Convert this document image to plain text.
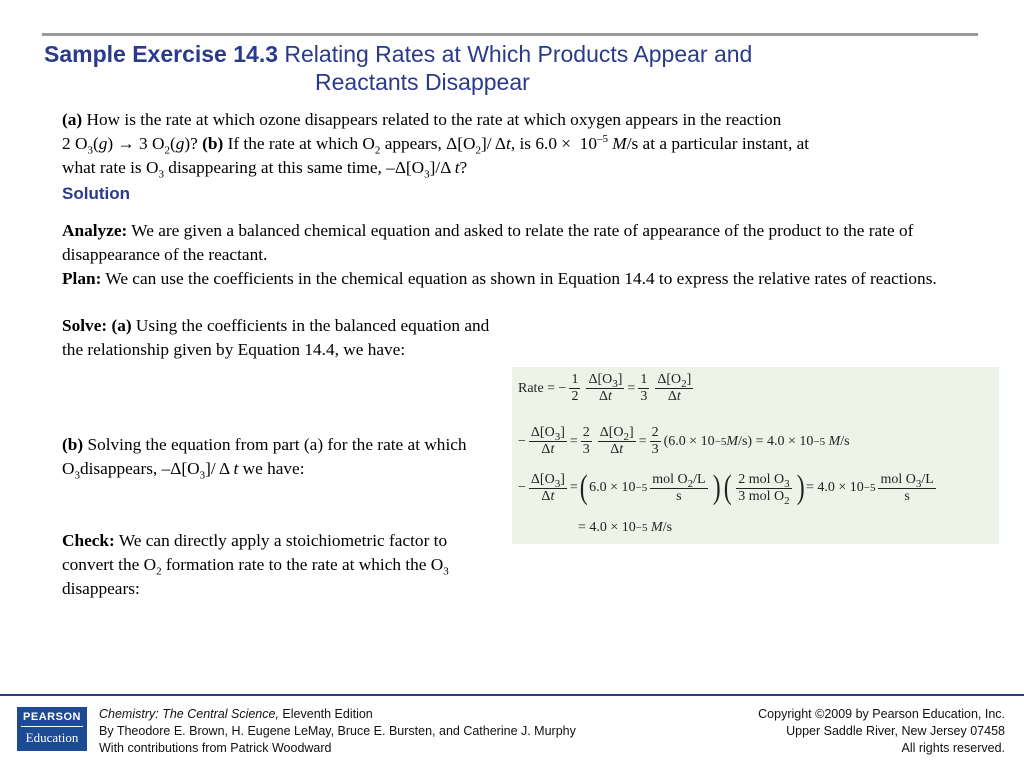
Sample Exercise 14.3 Relating Rates at Which Products Appear and
Reactants Disappear
(a) How is the rate at which ozone disappears related to the rate at which oxygen appears in the reaction
2 $O_3(g) \to 3$ $O_2(g)$? (b) If the rate at which $O_2$ appears, $\Delta[O_2]/$ Δt, is $6.0 \times 10^{-5}$ M/s at a particular instant, at
what rate is $O_3$ disappearing at this same time, $-\Delta[O_3]/\Delta$ t?
Solution
Analyze: We are given a balanced chemical equation and asked to relate the rate of appearance of the product to the rate of disappearance of the reactant.
Plan: We can use the coefficients in the chemical equation as shown in Equation 14.4 to express the relative rates of reactions.
Solve: (a) Using the coefficients in the balanced equation and the relationship given by Equation 14.4, we have:
(b) Solving the equation from part (a) for the rate at which $O_3disappears$, $-\Delta[O_3]/$ Δ t we have:
Check: We can directly apply a stoichiometric factor to convert the $O_2$ formation rate to the rate at which the $O_3$ disappears:
Rate = − $\frac{1}{2} \frac{\Delta[O_3]}{\Delta t} = \frac{1}{3} \frac{\Delta[O_2]}{\Delta t}$
− $\frac{\Delta[O_3]}{\Delta t} = \frac{2}{3} \frac{\Delta[O_2]}{\Delta t} = \frac{2}{3} (6.0 \times 10 -5$ M /s) = 4.0 × 10 −5
M /s
− $\frac{\Delta[O_3]}{\Delta t}$ = ( $6.0 \times 10 -5 \frac{mol O_2/L}{s}$ ) ( $\frac{2 mol O_3}{3 mol O_2}$ ) = $4.0 \times 10 -5 \frac{mol O_3/L}{s}$
= 4.0 × 10 −5
M /s
PEARSON
Education
Chemistry: The Central Science, Eleventh Edition
By Theodore E. Brown, H. Eugene LeMay, Bruce E. Bursten, and Catherine J. Murphy
With contributions from Patrick Woodward
Copyright ©2009 by Pearson Education, Inc.
Upper Saddle River, New Jersey 07458
All rights reserved.
